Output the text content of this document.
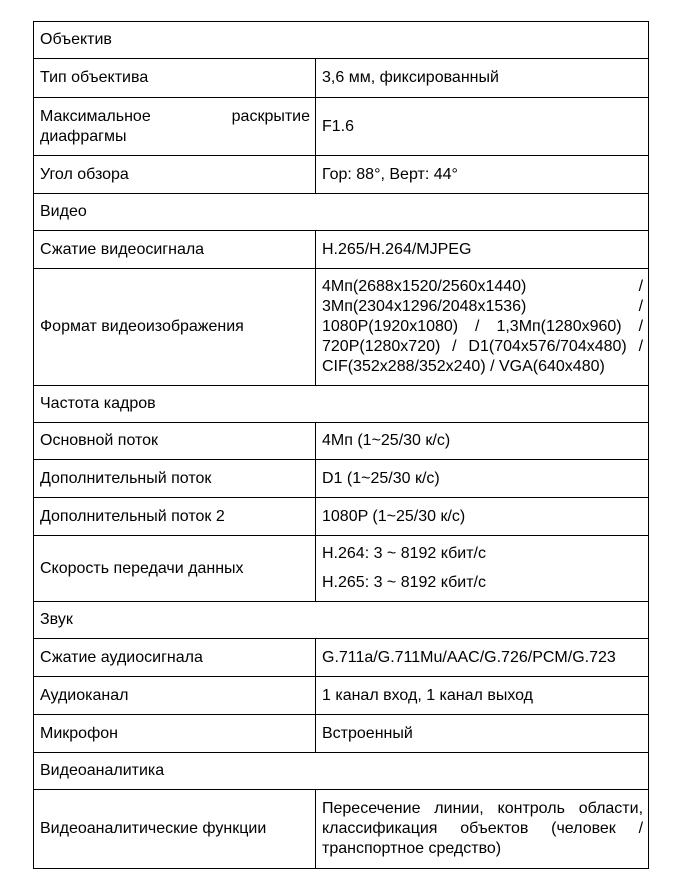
Объектив	
Тип объектива	3,6 мм, фиксированный
Максимальное раскрытие диафрагмы	F1.6
Угол обзора	Гор: 88°, Верт: 44°
Видео	
Сжатие видеосигнала	H.265/H.264/MJPEG
Формат видеоизображения	4Мп(2688x1520/2560x1440) / 3Мп(2304x1296/2048x1536) / 1080P(1920x1080) / 1,3Мп(1280x960) / 720P(1280x720) / D1(704x576/704x480) / CIF(352x288/352x240) / VGA(640x480)
Частота кадров	
Основной поток	4Мп (1~25/30 к/с)
Дополнительный поток	D1 (1~25/30 к/с)
Дополнительный поток 2	1080P (1~25/30 к/с)
Скорость передачи данных	H.264: 3 ~ 8192 кбит/с
H.265: 3 ~ 8192 кбит/с

Звук	
Сжатие аудиосигнала	G.711a/G.711Mu/AAC/G.726/PCM/G.723
Аудиоканал	1 канал вход, 1 канал выход
Микрофон	Встроенный
Видеоаналитика	
Видеоаналитические функции	Пересечение линии, контроль области, классификация объектов (человек / транспортное средство)
